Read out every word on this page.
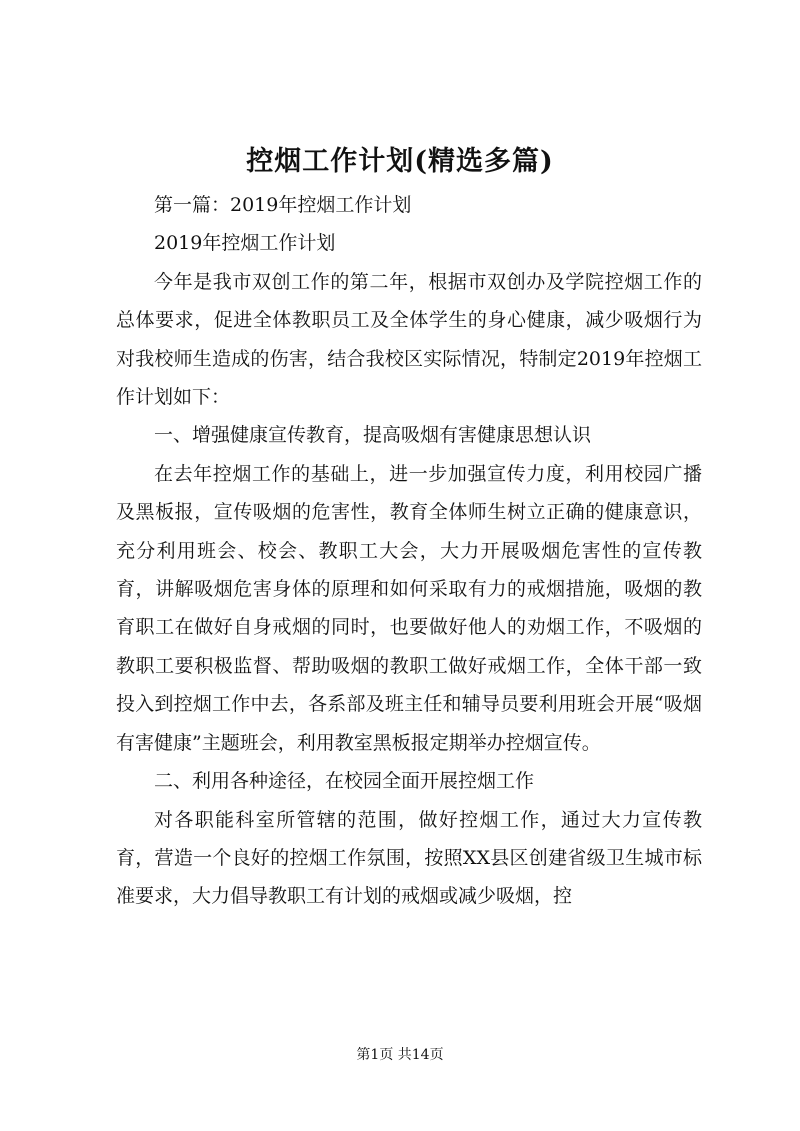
控烟工作计划(精选多篇)

第一篇：2019年控烟工作计划

2019年控烟工作计划

今年是我市双创工作的第二年，根据市双创办及学院控烟工作的总体要求，促进全体教职员工及全体学生的身心健康，减少吸烟行为对我校师生造成的伤害，结合我校区实际情况，特制定2019年控烟工作计划如下：

一、增强健康宣传教育，提高吸烟有害健康思想认识

在去年控烟工作的基础上，进一步加强宣传力度，利用校园广播及黑板报，宣传吸烟的危害性，教育全体师生树立正确的健康意识，充分利用班会、校会、教职工大会，大力开展吸烟危害性的宣传教育，讲解吸烟危害身体的原理和如何采取有力的戒烟措施，吸烟的教育职工在做好自身戒烟的同时，也要做好他人的劝烟工作，不吸烟的教职工要积极监督、帮助吸烟的教职工做好戒烟工作，全体干部一致投入到控烟工作中去，各系部及班主任和辅导员要利用班会开展“吸烟有害健康”主题班会，利用教室黑板报定期举办控烟宣传。

二、利用各种途径，在校园全面开展控烟工作

对各职能科室所管辖的范围，做好控烟工作，通过大力宣传教育，营造一个良好的控烟工作氛围，按照XX县区创建省级卫生城市标准要求，大力倡导教职工有计划的戒烟或减少吸烟，控

第1页 共14页
